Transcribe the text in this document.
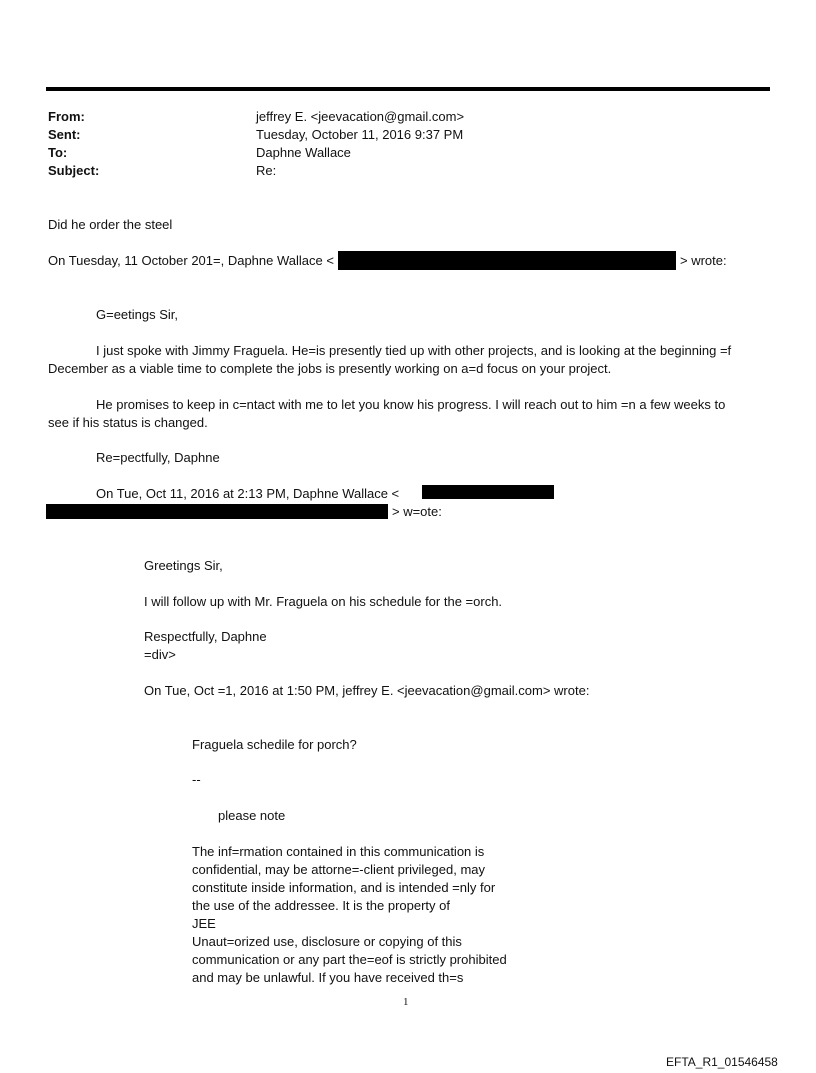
From:	jeffrey E. <jeevacation@gmail.com>
Sent:	Tuesday, October 11, 2016 9:37 PM
To:	Daphne Wallace
Subject:	Re:
Did he order the steel
On Tuesday, 11 October 201=, Daphne Wallace <	> wrote:
G=eetings Sir,
I just spoke with Jimmy Fraguela. He=is presently tied up with other projects, and is looking at the beginning =f
December as a viable time to complete the jobs is presently working on a=d focus on your project.
He promises to keep in c=ntact with me to let you know his progress. I will reach out to him =n a few weeks to
see if his status is changed.
Re=pectfully, Daphne
On Tue, Oct 11, 2016 at 2:13 PM, Daphne Wallace <
> w=ote:
Greetings Sir,
I will follow up with Mr. Fraguela on his schedule for the =orch.
Respectfully, Daphne
=div>
On Tue, Oct =1, 2016 at 1:50 PM, jeffrey E. <jeevacation@gmail.com> wrote:
Fraguela schedile for porch?
--
please note
The inf=rmation contained in this communication is
confidential, may be attorne=-client privileged, may
constitute inside information, and is intended =nly for
the use of the addressee. It is the property of
JEE
Unaut=orized use, disclosure or copying of this
communication or any part the=eof is strictly prohibited
and may be unlawful. If you have received th=s
1
EFTA_R1_01546458
